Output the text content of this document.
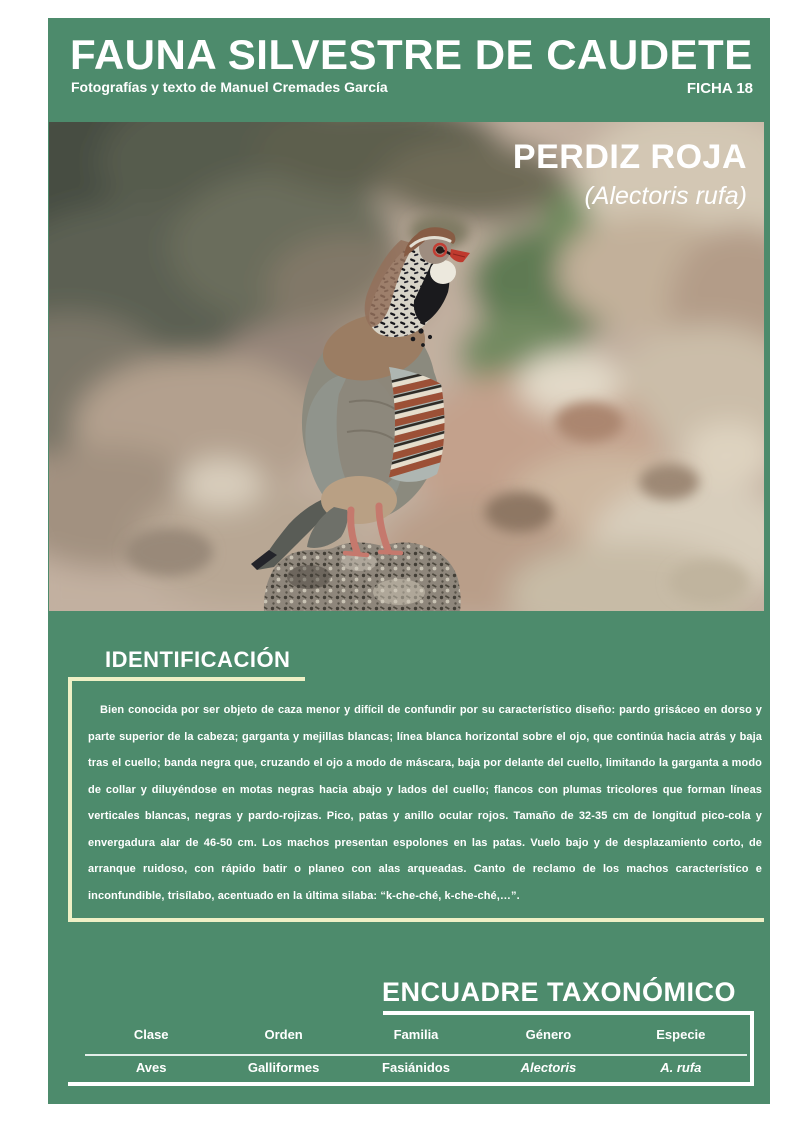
FAUNA SILVESTRE DE CAUDETE
Fotografías y texto de Manuel Cremades García	FICHA 18
PERDIZ ROJA
(Alectoris rufa)
IDENTIFICACIÓN

Bien conocida por ser objeto de caza menor y difícil de confundir por su característico diseño: pardo grisáceo en dorso y parte superior de la cabeza; garganta y mejillas blancas; línea blanca horizontal sobre el ojo, que continúa hacia atrás y baja tras el cuello; banda negra que, cruzando el ojo a modo de máscara, baja por delante del cuello, limitando la garganta a modo de collar y diluyéndose en motas negras hacia abajo y lados del cuello; flancos con plumas tricolores que forman líneas verticales blancas, negras y pardo-rojizas. Pico, patas y anillo ocular rojos. Tamaño de 32-35 cm de longitud pico-cola y envergadura alar de 46-50 cm. Los machos presentan espolones en las patas. Vuelo bajo y de desplazamiento corto, de arranque ruidoso, con rápido batir o planeo con alas arqueadas. Canto de reclamo de los machos característico e inconfundible, trisílabo, acentuado en la última silaba: “k-che-ché, k-che-ché,…”.

ENCUADRE TAXONÓMICO
Clase	Orden	Familia	Género	Especie
Aves	Galliformes	Fasiánidos	Alectoris	A. rufa
